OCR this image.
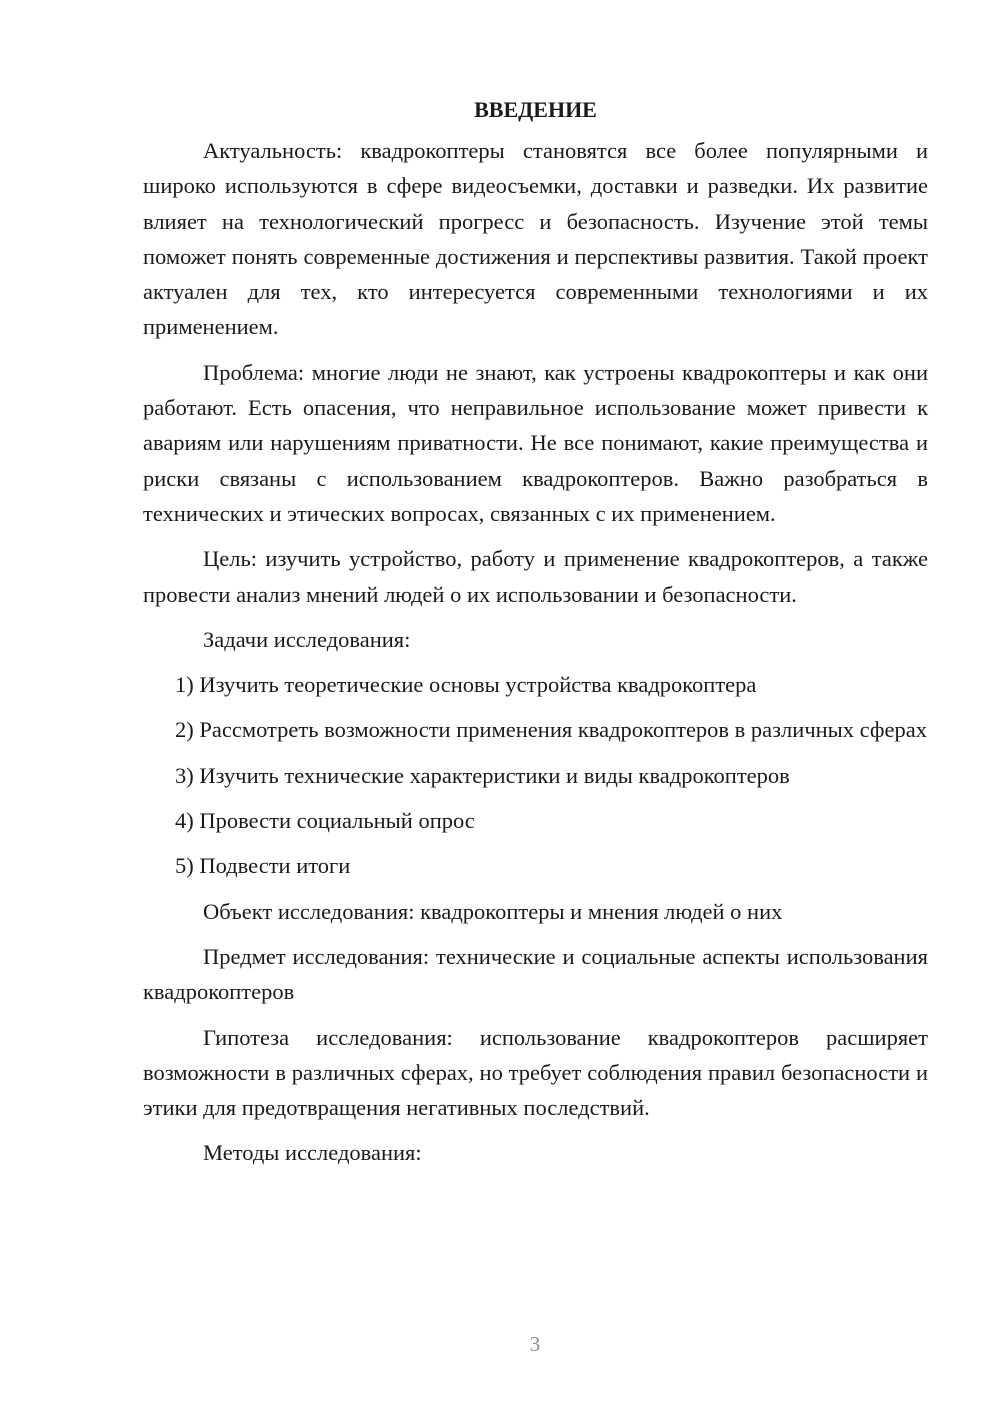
ВВЕДЕНИЕ

Актуальность: квадрокоптеры становятся все более популярными и широко используются в сфере видеосъемки, доставки и разведки. Их развитие влияет на технологический прогресс и безопасность. Изучение этой темы поможет понять современные достижения и перспективы развития. Такой проект актуален для тех, кто интересуется современными технологиями и их применением.

Проблема: многие люди не знают, как устроены квадрокоптеры и как они работают. Есть опасения, что неправильное использование может привести к авариям или нарушениям приватности. Не все понимают, какие преимущества и риски связаны с использованием квадрокоптеров. Важно разобраться в технических и этических вопросах, связанных с их применением.

Цель: изучить устройство, работу и применение квадрокоптеров, а также провести анализ мнений людей о их использовании и безопасности.

Задачи исследования:

1) Изучить теоретические основы устройства квадрокоптера

2) Рассмотреть возможности применения квадрокоптеров в различных сферах

3) Изучить технические характеристики и виды квадрокоптеров

4) Провести социальный опрос

5) Подвести итоги

Объект исследования: квадрокоптеры и мнения людей о них

Предмет исследования: технические и социальные аспекты использования квадрокоптеров

Гипотеза исследования: использование квадрокоптеров расширяет возможности в различных сферах, но требует соблюдения правил безопасности и этики для предотвращения негативных последствий.

Методы исследования:

3
